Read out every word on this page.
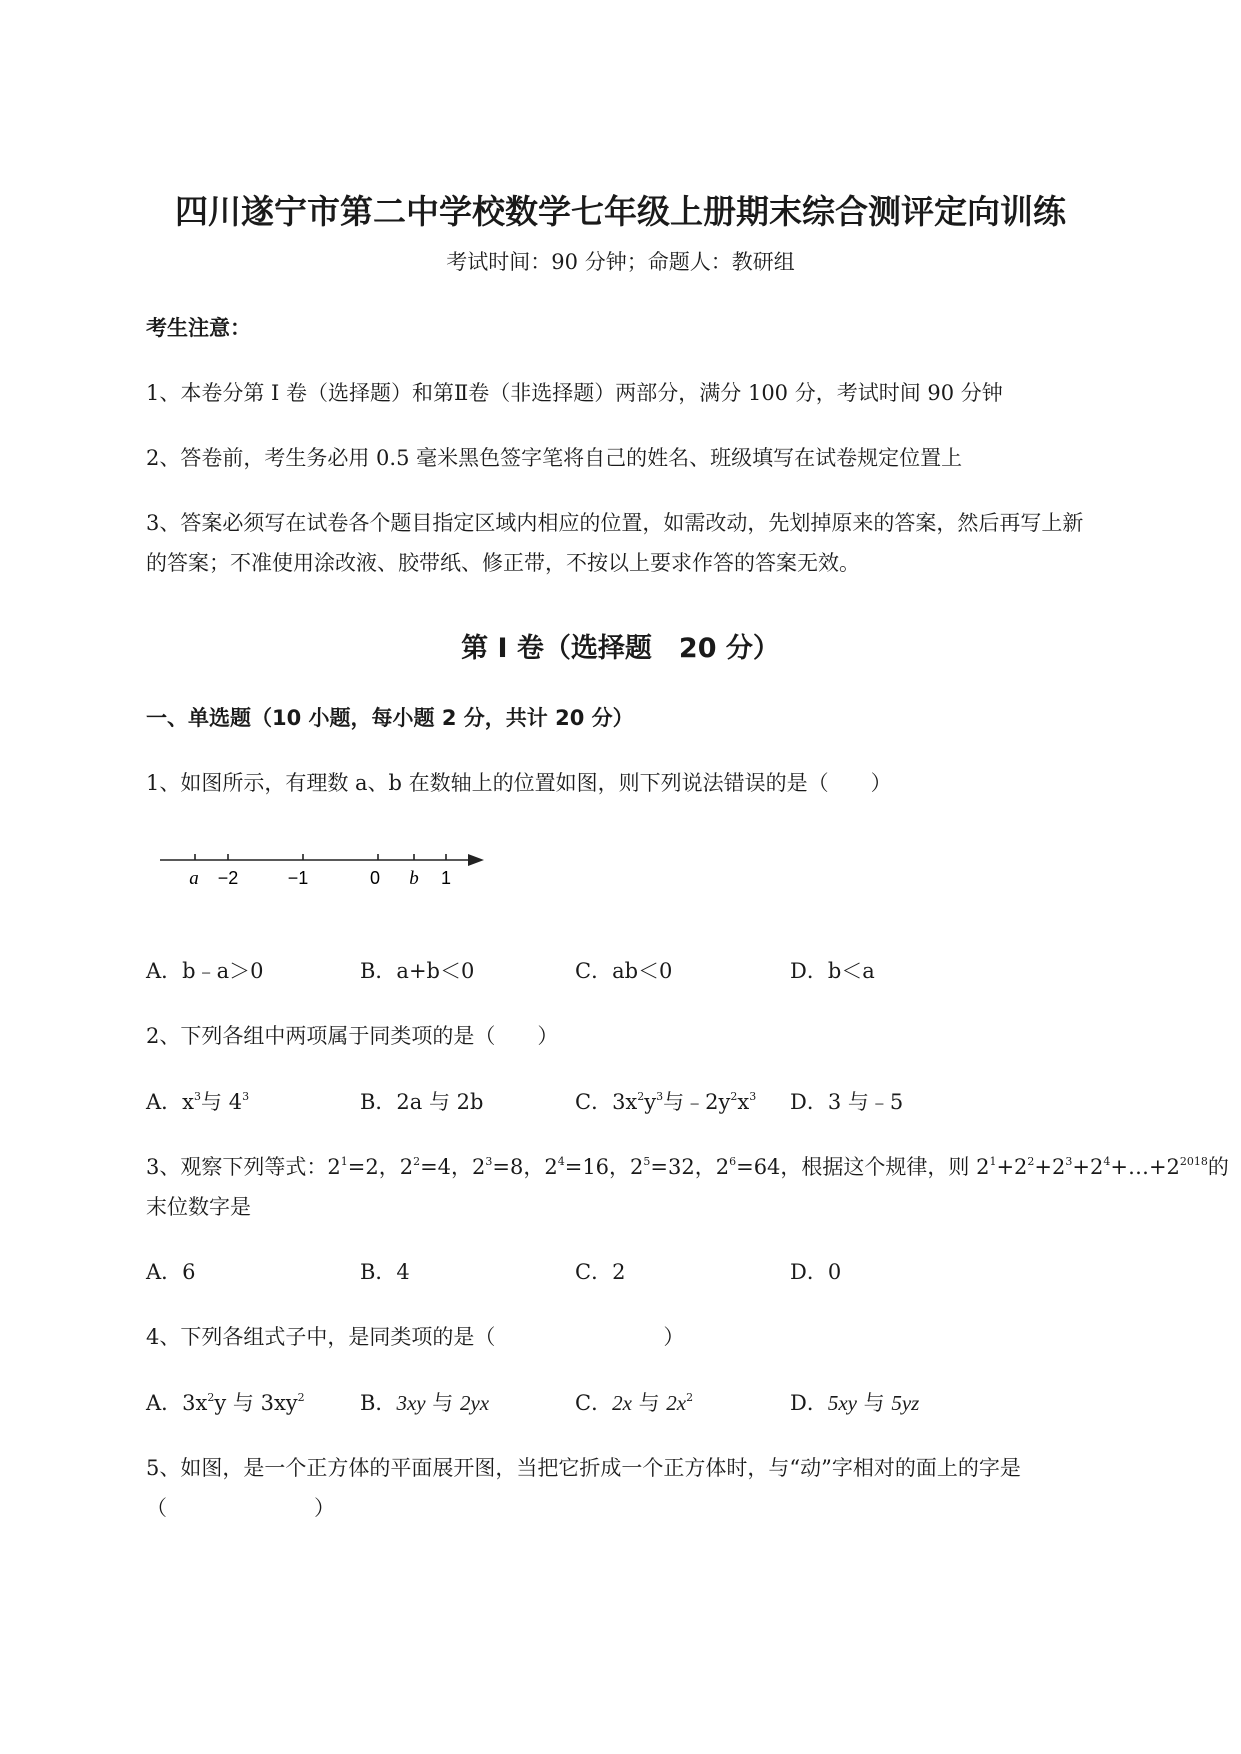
四川遂宁市第二中学校数学七年级上册期末综合测评定向训练
考试时间：90 分钟；命题人：教研组
考生注意：
1、本卷分第 I 卷（选择题）和第Ⅱ卷（非选择题）两部分，满分 100 分，考试时间 90 分钟
2、答卷前，考生务必用 0.5 毫米黑色签字笔将自己的姓名、班级填写在试卷规定位置上
3、答案必须写在试卷各个题目指定区域内相应的位置，如需改动，先划掉原来的答案，然后再写上新
的答案；不准使用涂改液、胶带纸、修正带，不按以上要求作答的答案无效。
第 I 卷（选择题　20 分）
一、单选题（10 小题，每小题 2 分，共计 20 分）
1、如图所示，有理数 a、b 在数轴上的位置如图，则下列说法错误的是（　　）
a −2	−1	0 b 1
A．b﹣a＞0	B．a+b＜0	C．ab＜0	D．b＜a
2、下列各组中两项属于同类项的是（　　）
A．$x^3$与 $4^3$	B．2a 与 2b	C．$3x^2y^3$与$﹣2y^2x^3$ D．3 与﹣5
3、观察下列等式：$2^1=2$，$2^2=4$，$2^3=8$，$2^4=16$，$2^5=32$，$2^6=64$，根据这个规律，则 $2^1+2^2+2^3+2^4+\dots+2^{2018}$的
末位数字是
A．6	B．4	C．2	D．0
4、下列各组式子中，是同类项的是（　　　　　　　　）
A．$3x^2y$ 与 $3xy^2$	B．3xy 与 2yx	C．2x 与 $2x^2$	D．5xy 与 5yz
5、如图，是一个正方体的平面展开图，当把它折成一个正方体时，与“动”字相对的面上的字是
（　　　　　　　）
